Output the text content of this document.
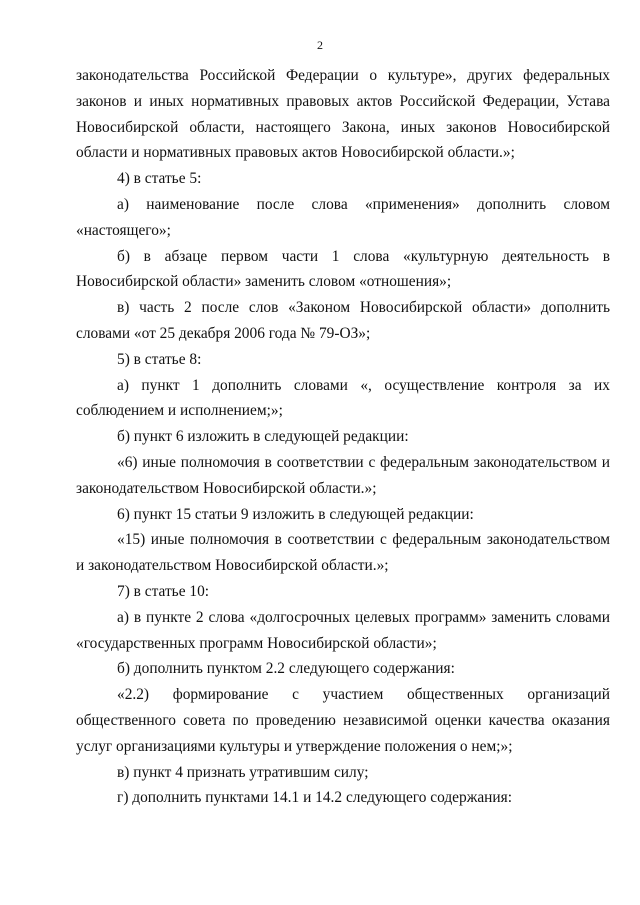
2

законодательства Российской Федерации о культуре», других федеральных законов и иных нормативных правовых актов Российской Федерации, Устава Новосибирской области, настоящего Закона, иных законов Новосибирской области и нормативных правовых актов Новосибирской области.»;

4) в статье 5:

а) наименование после слова «применения» дополнить словом «настоящего»;

б) в абзаце первом части 1 слова «культурную деятельность в Новосибирской области» заменить словом «отношения»;

в) часть 2 после слов «Законом Новосибирской области» дополнить словами «от 25 декабря 2006 года № 79-ОЗ»;

5) в статье 8:

а) пункт 1 дополнить словами «, осуществление контроля за их соблюдением и исполнением;»;

б) пункт 6 изложить в следующей редакции:

«6) иные полномочия в соответствии с федеральным законодательством и законодательством Новосибирской области.»;

6) пункт 15 статьи 9 изложить в следующей редакции:

«15) иные полномочия в соответствии с федеральным законодательством и законодательством Новосибирской области.»;

7) в статье 10:

а) в пункте 2 слова «долгосрочных целевых программ» заменить словами «государственных программ Новосибирской области»;

б) дополнить пунктом 2.2 следующего содержания:

«2.2) формирование с участием общественных организаций общественного совета по проведению независимой оценки качества оказания услуг организациями культуры и утверждение положения о нем;»;

в) пункт 4 признать утратившим силу;

г) дополнить пунктами 14.1 и 14.2 следующего содержания:
